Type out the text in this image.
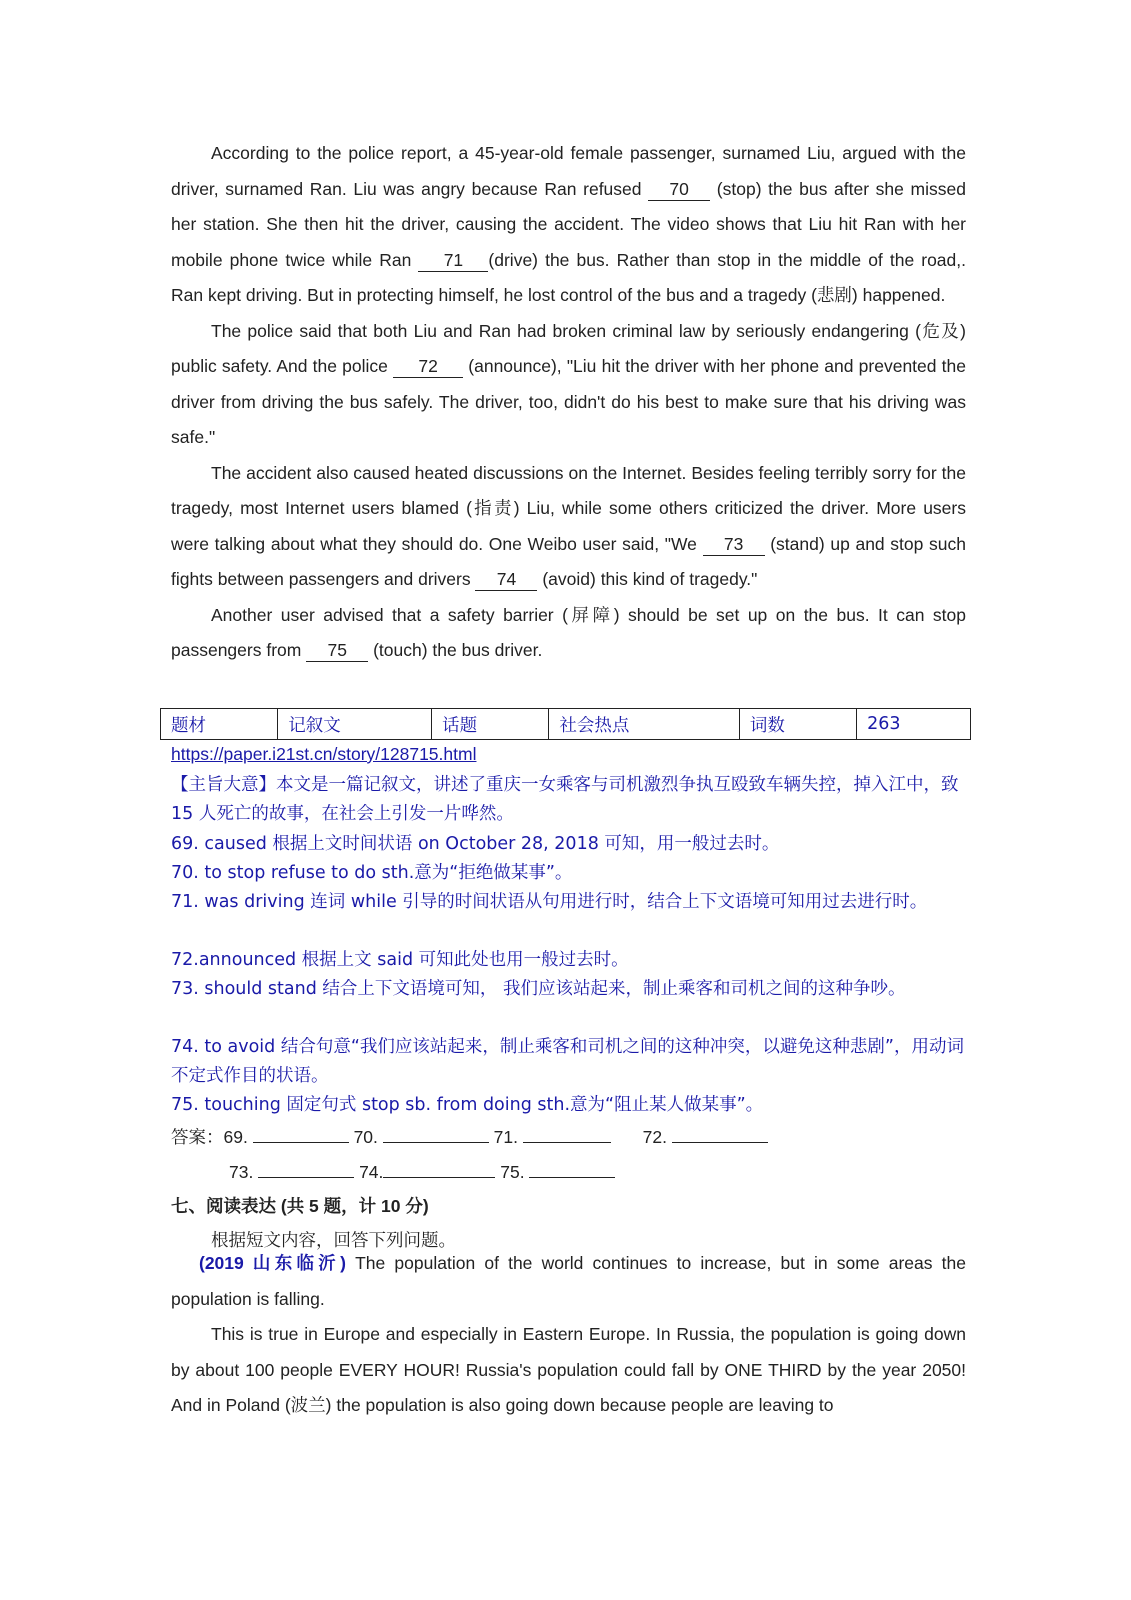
According to the police report, a 45-year-old female passenger, surnamed Liu, argued with the driver, surnamed Ran. Liu was angry because Ran refused 70 (stop) the bus after she missed her station. She then hit the driver, causing the accident. The video shows that Liu hit Ran with her mobile phone twice while Ran 71 (drive) the bus. Rather than stop in the middle of the road,. Ran kept driving. But in protecting himself, he lost control of the bus and a tragedy (悲剧) happened.

The police said that both Liu and Ran had broken criminal law by seriously endangering (危及) public safety. And the police 72 (announce), "Liu hit the driver with her phone and prevented the driver from driving the bus safely. The driver, too, didn't do his best to make sure that his driving was safe."

The accident also caused heated discussions on the Internet. Besides feeling terribly sorry for the tragedy, most Internet users blamed (指责) Liu, while some others criticized the driver. More users were talking about what they should do. One Weibo user said, "We 73 (stand) up and stop such fights between passengers and drivers 74 (avoid) this kind of tragedy."

Another user advised that a safety barrier (屏障) should be set up on the bus. It can stop passengers from 75 (touch) the bus driver.

题材	记叙文	话题	社会热点	词数	263
https://paper.i21st.cn/story/128715.html

【主旨大意】本文是一篇记叙文，讲述了重庆一女乘客与司机激烈争执互殴致车辆失控，掉入江中，致 15 人死亡的故事，在社会上引发一片哗然。

69. caused 根据上文时间状语 on October 28, 2018 可知，用一般过去时。

70. to stop refuse to do sth.意为“拒绝做某事”。

71. was driving 连词 while 引导的时间状语从句用进行时，结合上下文语境可知用过去进行时。

72.announced 根据上文 said 可知此处也用一般过去时。

73. should stand 结合上下文语境可知， 我们应该站起来，制止乘客和司机之间的这种争吵。

74. to avoid 结合句意“我们应该站起来，制止乘客和司机之间的这种冲突，以避免这种悲剧”，用动词不定式作目的状语。

75. touching 固定句式 stop sb. from doing sth.意为“阻止某人做某事”。

答案：69.	70.	71.	72.
73.	74.	75.
七、阅读表达 (共 5 题，计 10 分)
根据短文内容，回答下列问题。

(2019 山东临沂) The population of the world continues to increase, but in some areas the population is falling.

This is true in Europe and especially in Eastern Europe. In Russia, the population is going down by about 100 people EVERY HOUR! Russia's population could fall by ONE THIRD by the year 2050! And in Poland (波兰) the population is also going down because people are leaving to
